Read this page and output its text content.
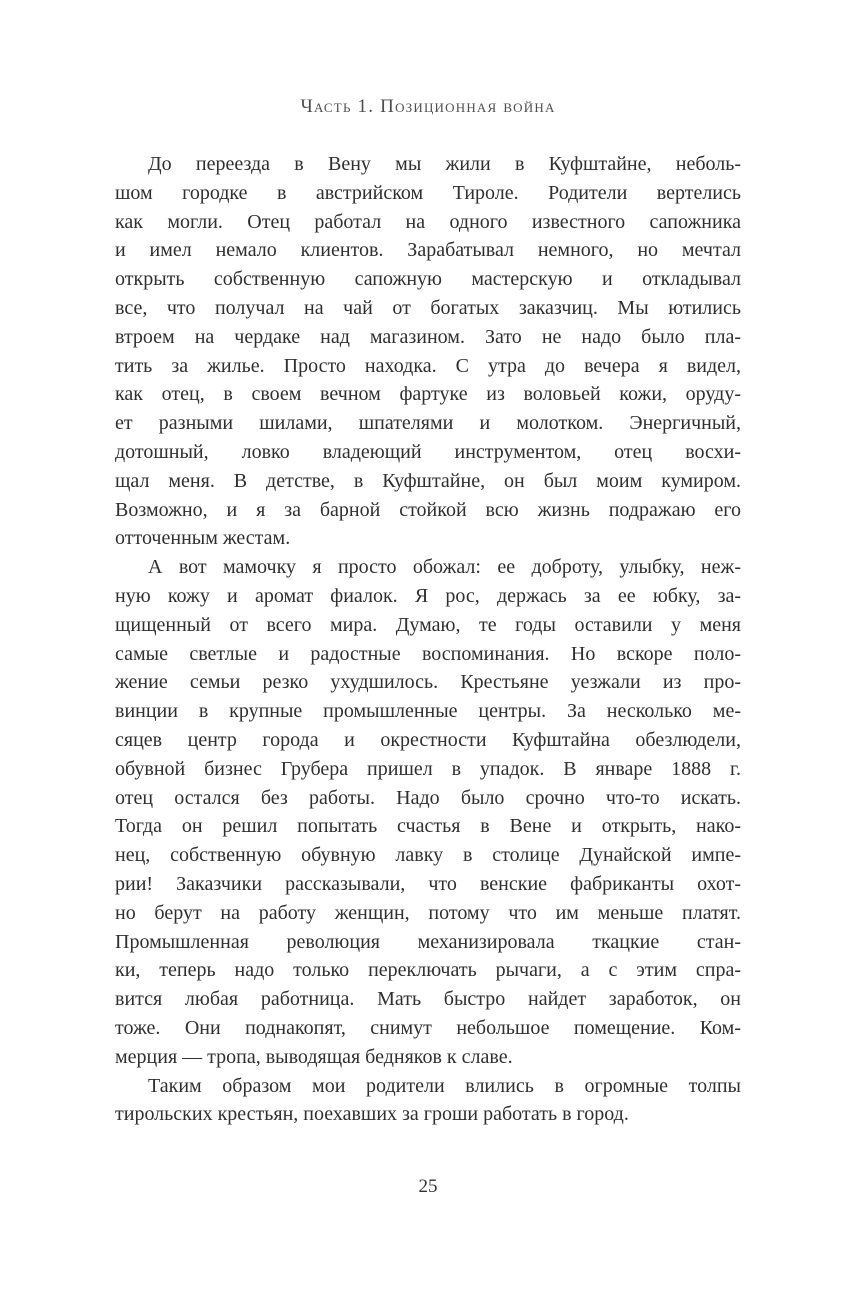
Часть 1. Позиционная война
До переезда в Вену мы жили в Куфштайне, неболь-
шом городке в австрийском Тироле. Родители вертелись
как могли. Отец работал на одного известного сапожника
и имел немало клиентов. Зарабатывал немного, но мечтал
открыть собственную сапожную мастерскую и откладывал
все, что получал на чай от богатых заказчиц. Мы ютились
втроем на чердаке над магазином. Зато не надо было пла-
тить за жилье. Просто находка. С утра до вечера я видел,
как отец, в своем вечном фартуке из воловьей кожи, оруду-
ет разными шилами, шпателями и молотком. Энергичный,
дотошный, ловко владеющий инструментом, отец восхи-
щал меня. В детстве, в Куфштайне, он был моим кумиром.
Возможно, и я за барной стойкой всю жизнь подражаю его
отточенным жестам.
А вот мамочку я просто обожал: ее доброту, улыбку, неж-
ную кожу и аромат фиалок. Я рос, держась за ее юбку, за-
щищенный от всего мира. Думаю, те годы оставили у меня
самые светлые и радостные воспоминания. Но вскоре поло-
жение семьи резко ухудшилось. Крестьяне уезжали из про-
винции в крупные промышленные центры. За несколько ме-
сяцев центр города и окрестности Куфштайна обезлюдели,
обувной бизнес Грубера пришел в упадок. В январе 1888 г.
отец остался без работы. Надо было срочно что-то искать.
Тогда он решил попытать счастья в Вене и открыть, нако-
нец, собственную обувную лавку в столице Дунайской импе-
рии! Заказчики рассказывали, что венские фабриканты охот-
но берут на работу женщин, потому что им меньше платят.
Промышленная революция механизировала ткацкие стан-
ки, теперь надо только переключать рычаги, а с этим спра-
вится любая работница. Мать быстро найдет заработок, он
тоже. Они поднакопят, снимут небольшое помещение. Ком-
мерция — тропа, выводящая бедняков к славе.
Таким образом мои родители влились в огромные толпы
тирольских крестьян, поехавших за гроши работать в город.
25
